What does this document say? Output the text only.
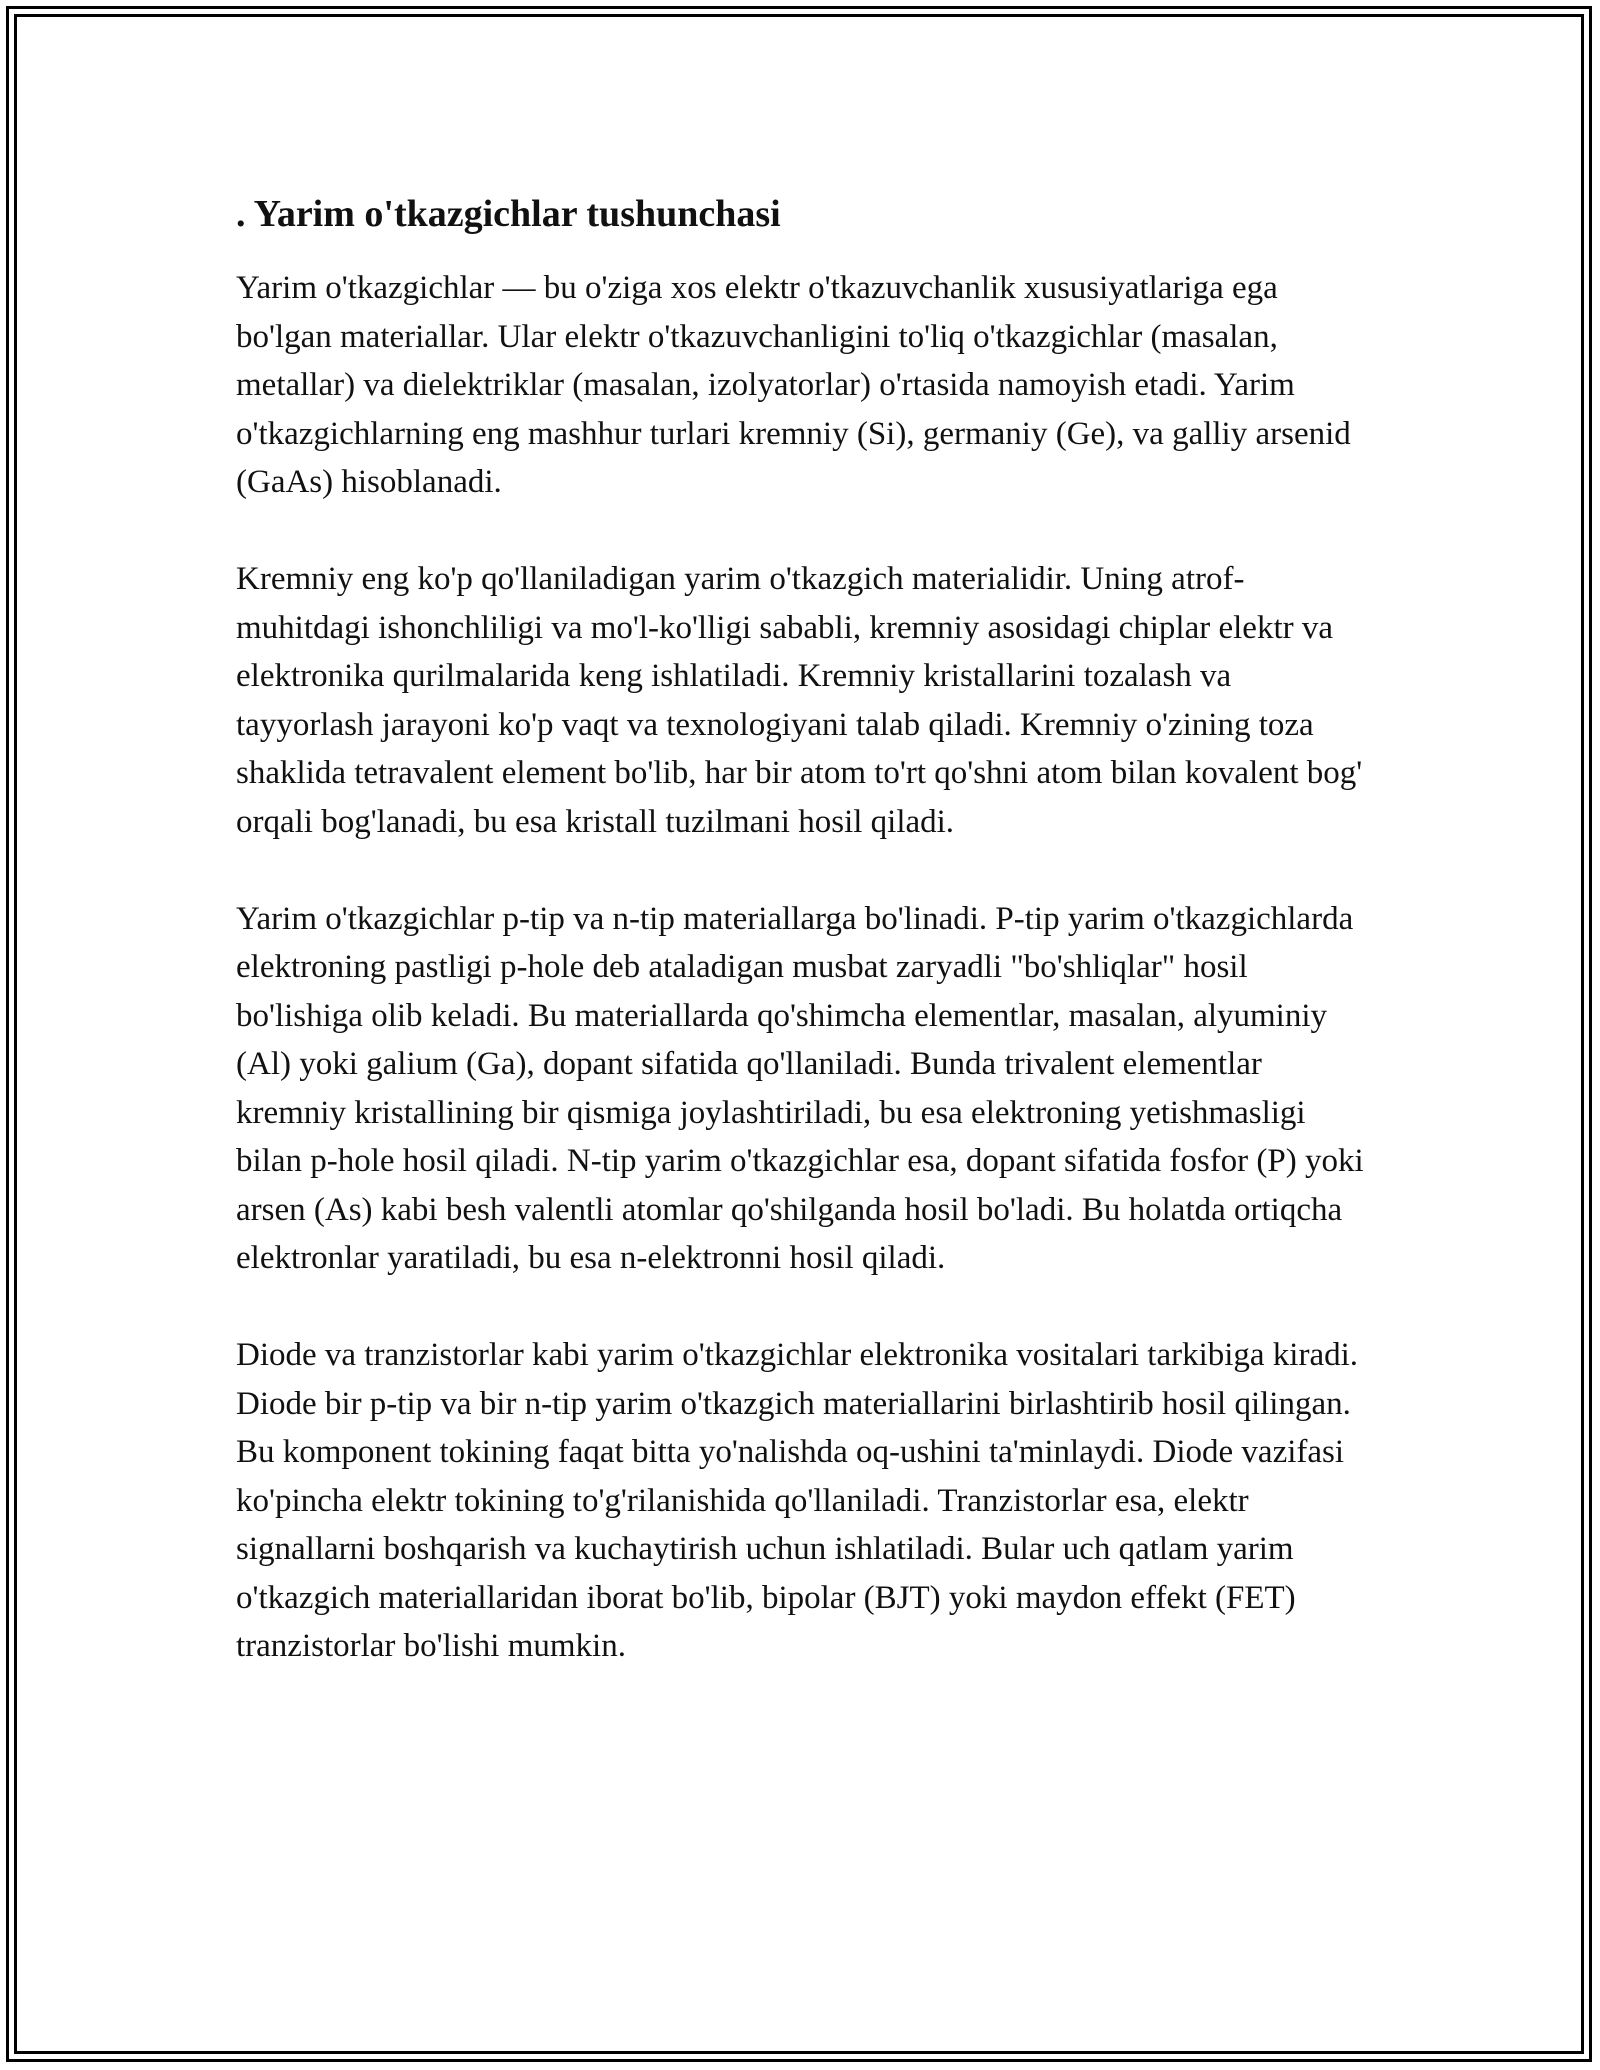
. Yarim o'tkazgichlar tushunchasi

Yarim o'tkazgichlar — bu o'ziga xos elektr o'tkazuvchanlik xususiyatlariga ega bo'lgan materiallar. Ular elektr o'tkazuvchanligini to'liq o'tkazgichlar (masalan, metallar) va dielektriklar (masalan, izolyatorlar) o'rtasida namoyish etadi. Yarim o'tkazgichlarning eng mashhur turlari kremniy (Si), germaniy (Ge), va galliy arsenid (GaAs) hisoblanadi.

Kremniy eng ko'p qo'llaniladigan yarim o'tkazgich materialidir. Uning atrof-muhitdagi ishonchliligi va mo'l-ko'lligi sababli, kremniy asosidagi chiplar elektr va elektronika qurilmalarida keng ishlatiladi. Kremniy kristallarini tozalash va tayyorlash jarayoni ko'p vaqt va texnologiyani talab qiladi. Kremniy o'zining toza shaklida tetravalent element bo'lib, har bir atom to'rt qo'shni atom bilan kovalent bog' orqali bog'lanadi, bu esa kristall tuzilmani hosil qiladi.

Yarim o'tkazgichlar p-tip va n-tip materiallarga bo'linadi. P-tip yarim o'tkazgichlarda elektroning pastligi p-hole deb ataladigan musbat zaryadli "bo'shliqlar" hosil bo'lishiga olib keladi. Bu materiallarda qo'shimcha elementlar, masalan, alyuminiy (Al) yoki galium (Ga), dopant sifatida qo'llaniladi. Bunda trivalent elementlar kremniy kristallining bir qismiga joylashtiriladi, bu esa elektroning yetishmasligi bilan p-hole hosil qiladi. N-tip yarim o'tkazgichlar esa, dopant sifatida fosfor (P) yoki arsen (As) kabi besh valentli atomlar qo'shilganda hosil bo'ladi. Bu holatda ortiqcha elektronlar yaratiladi, bu esa n-elektronni hosil qiladi.

Diode va tranzistorlar kabi yarim o'tkazgichlar elektronika vositalari tarkibiga kiradi. Diode bir p-tip va bir n-tip yarim o'tkazgich materiallarini birlashtirib hosil qilingan. Bu komponent tokining faqat bitta yo'nalishda oq-ushini ta'minlaydi. Diode vazifasi ko'pincha elektr tokining to'g'rilanishida qo'llaniladi. Tranzistorlar esa, elektr signallarni boshqarish va kuchaytirish uchun ishlatiladi. Bular uch qatlam yarim o'tkazgich materiallaridan iborat bo'lib, bipolar (BJT) yoki maydon effekt (FET) tranzistorlar bo'lishi mumkin.
